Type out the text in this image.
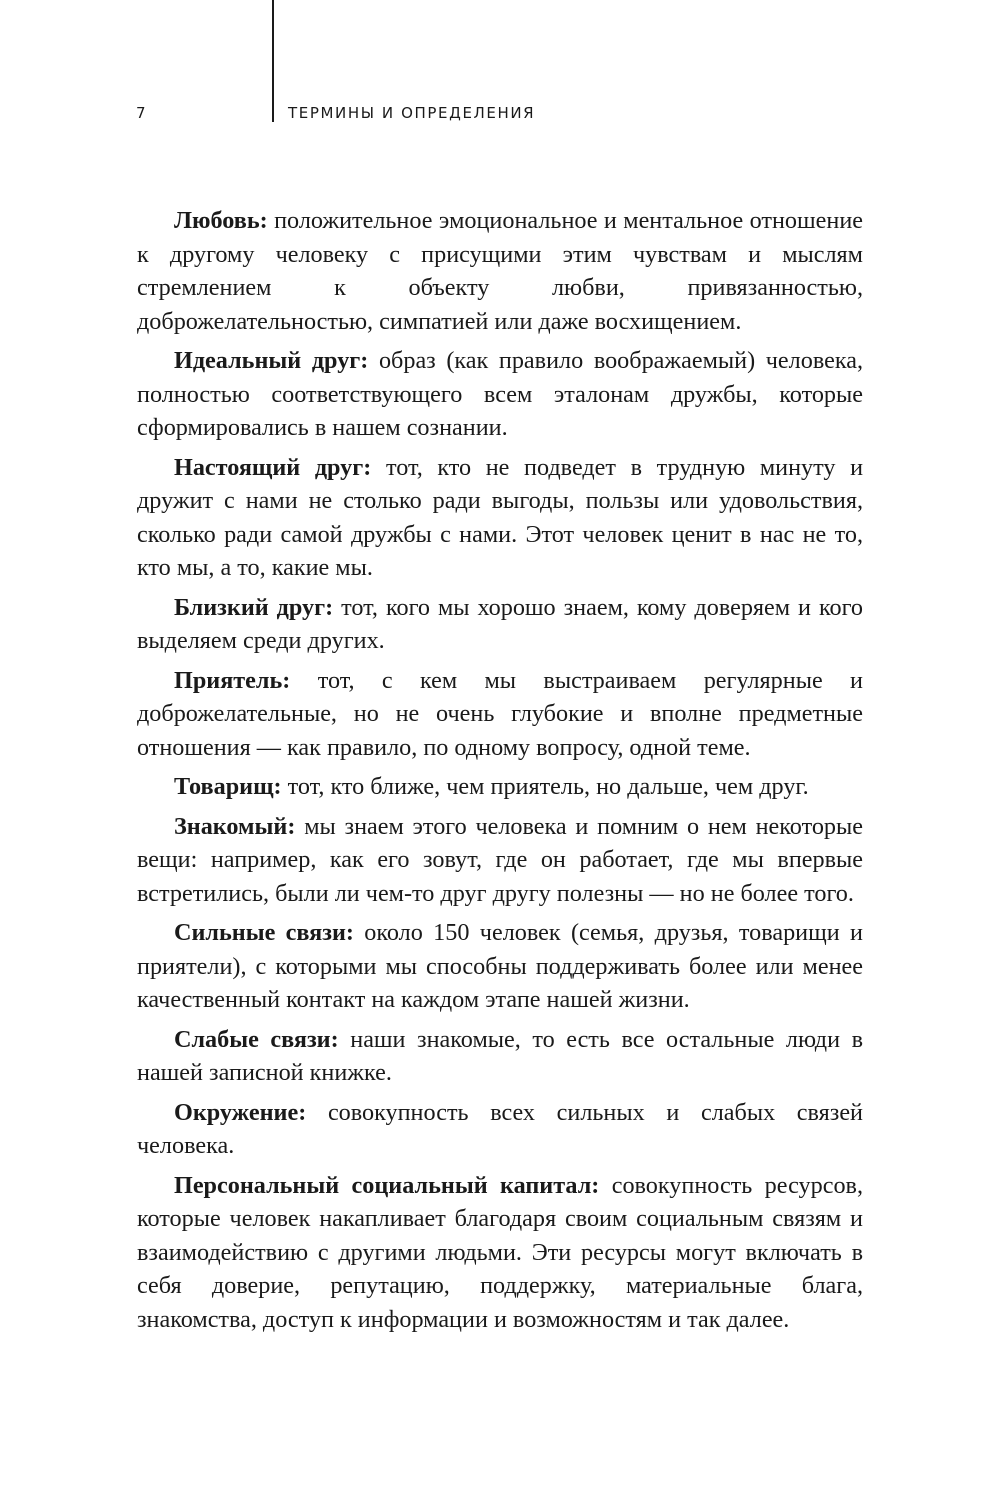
7	ТЕРМИНЫ И ОПРЕДЕЛЕНИЯ

Любовь: положительное эмоциональное и ментальное отношение к другому человеку с присущими этим чувствам и мыслям стремлением к объекту любви, привязанностью, доброжелательностью, симпатией или даже восхищением.

Идеальный друг: образ (как правило воображаемый) человека, полностью соответствующего всем эталонам дружбы, которые сформировались в нашем сознании.

Настоящий друг: тот, кто не подведет в трудную минуту и дружит с нами не столько ради выгоды, пользы или удовольствия, сколько ради самой дружбы с нами. Этот человек ценит в нас не то, кто мы, а то, какие мы.

Близкий друг: тот, кого мы хорошо знаем, кому доверяем и кого выделяем среди других.

Приятель: тот, с кем мы выстраиваем регулярные и доброжелательные, но не очень глубокие и вполне предметные отношения — как правило, по одному вопросу, одной теме.

Товарищ: тот, кто ближе, чем приятель, но дальше, чем друг.

Знакомый: мы знаем этого человека и помним о нем некоторые вещи: например, как его зовут, где он работает, где мы впервые встретились, были ли чем-то друг другу полезны — но не более того.

Сильные связи: около 150 человек (семья, друзья, товарищи и приятели), с которыми мы способны поддерживать более или менее качественный контакт на каждом этапе нашей жизни.

Слабые связи: наши знакомые, то есть все остальные люди в нашей записной книжке.

Окружение: совокупность всех сильных и слабых связей человека.

Персональный социальный капитал: совокупность ресурсов, которые человек накапливает благодаря своим социальным связям и взаимодействию с другими людьми. Эти ресурсы могут включать в себя доверие, репутацию, поддержку, материальные блага, знакомства, доступ к информации и возможностям и так далее.
